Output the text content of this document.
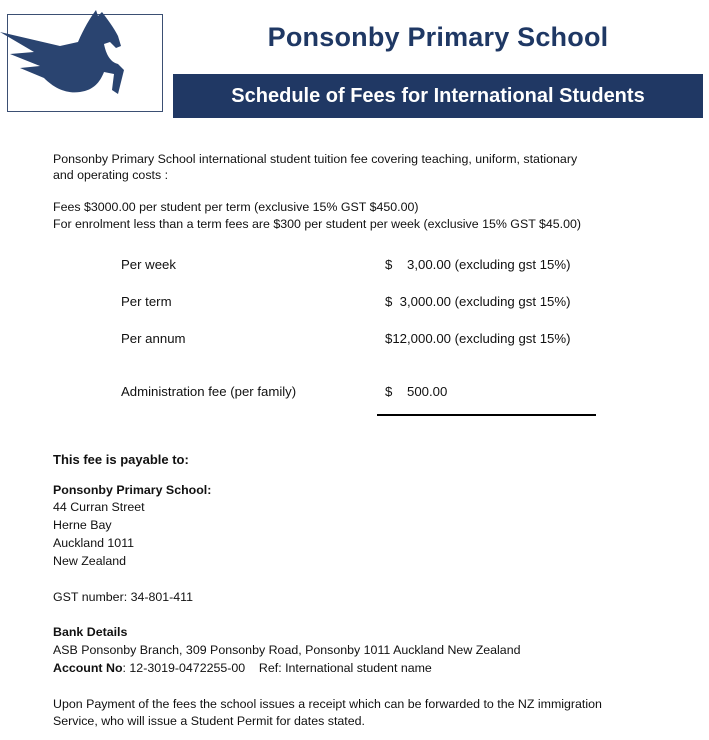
Ponsonby Primary School
Schedule of Fees for International Students
Ponsonby Primary School international student tuition fee covering teaching, uniform, stationary
and operating costs :
Fees $3000.00 per student per term (exclusive 15% GST $450.00)
For enrolment less than a term fees are $300 per student per week (exclusive 15% GST $45.00)
Per week	$    3,00.00 (excluding gst 15%)
Per term	$  3,000.00 (excluding gst 15%)
Per annum	$12,000.00 (excluding gst 15%)
Administration fee (per family)	$    500.00
This fee is payable to:
Ponsonby Primary School:
44 Curran Street
Herne Bay
Auckland 1011
New Zealand
GST number: 34-801-411
Bank Details
ASB Ponsonby Branch, 309 Ponsonby Road, Ponsonby 1011 Auckland New Zealand
Account No: 12-3019-0472255-00    Ref: International student name
Upon Payment of the fees the school issues a receipt which can be forwarded to the NZ immigration
Service, who will issue a Student Permit for dates stated.
